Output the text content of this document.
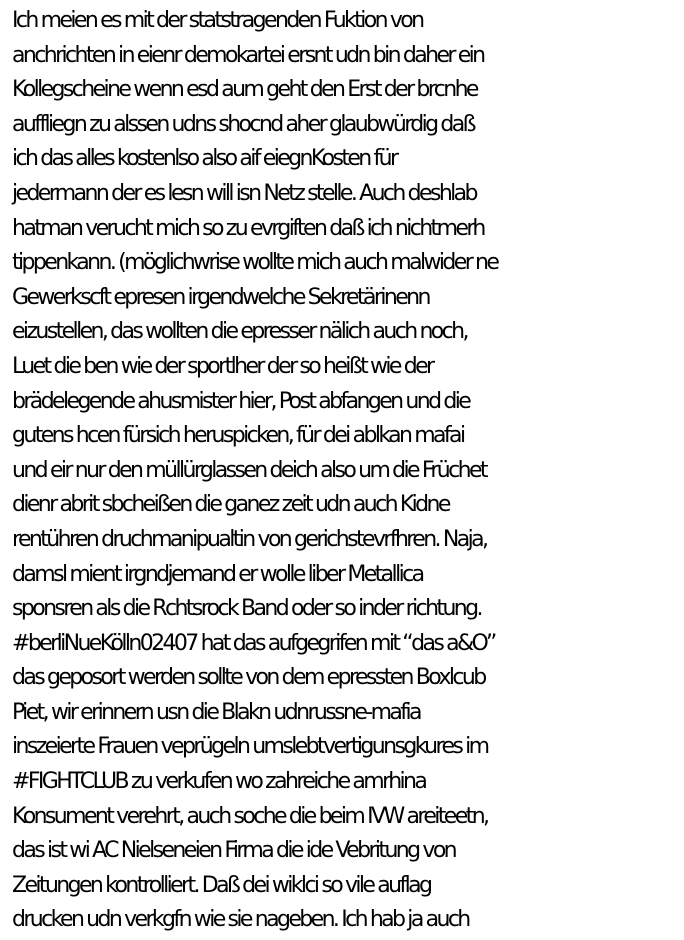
Ich meien es mit der statstragenden Fuktion von
anchrichten in eienr demokartei ersnt udn bin daher ein
Kollegscheine wenn esd aum geht den Erst der brcnhe
auffliegn zu alssen udns shocnd aher glaubwürdig daß
ich das alles kostenlso also aif eiegnKosten für
jedermann der es lesn will isn Netz stelle. Auch deshlab
hatman veruсht mich so zu evrgiften daß ich nichtmerh
tippenkann. (möglichwrise wollte mich auch malwider ne
Gewerkscft epresen irgendwelche Sekretärinenn
eizustellen, das wollten die epresser nälich auch noch,
Luet die ben wie der sportlher der so heißt wie der
brädelegende ahusmister hier, Post abfangen und die
gutens hcen fürsich heruspicken, für dei ablkan mafai
und eir nur den müllürglassen deich also um die Früchet
dienr abrit sbcheißen die ganez zeit udn auch Kidne
rentühren druchmanipualtin von gerichstevrfhren. Naja,
damsl mient irgndjemand er wolle liber Metallica
sponsren als die Rchtsrock Band oder so inder richtung.
#berliNueKölln02407 hat das aufgegrifen mit “das a&O”
das geposort werden sollte von dem epressten Boxlcub
Piet, wir erinnern usn die Blakn udnrussne-mafia
inszeierte Frauen veprügeln umslebtvertigunsgkures im
#FIGHTCLUB zu verkufen wo zahreiche amrhina
Konsument verehrt, auch soche die beim IVW areiteetn,
das ist wi AC Nielseneien Firma die ide Vebritung von
Zeitungen kontrolliert. Daß dei wiklci so vile auflag
drucken udn verkgfn wie sie nageben. Ich hab ja auch
